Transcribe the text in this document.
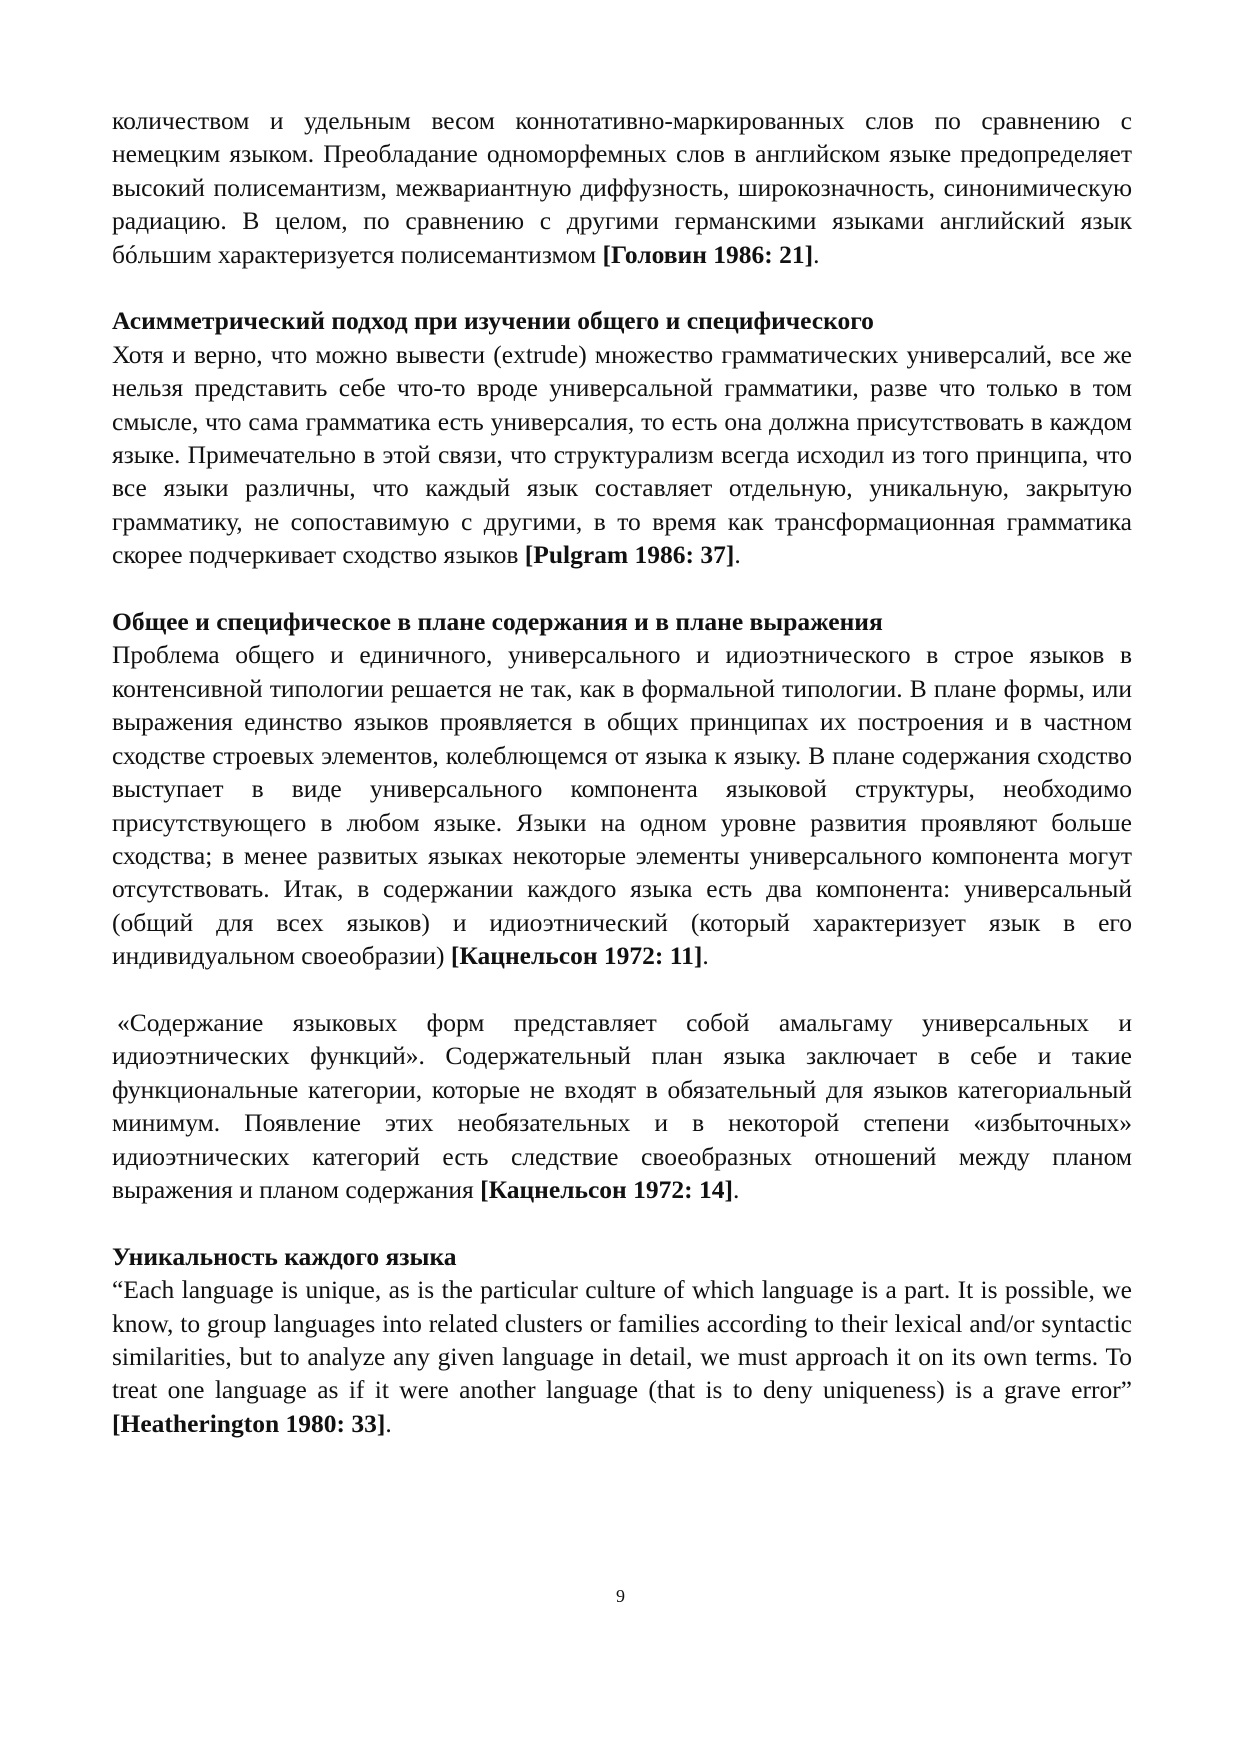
количеством и удельным весом коннотативно-маркированных слов по сравнению с немецким языком. Преобладание одноморфемных слов в английском языке предопределяет высокий полисемантизм, межвариантную диффузность, широкозначность, синонимическую радиацию. В целом, по сравнению с другими германскими языками английский язык бóльшим характеризуется полисемантизмом [Головин 1986: 21].

Асимметрический подход при изучении общего и специфического

Хотя и верно, что можно вывести (extrude) множество грамматических универсалий, все же нельзя представить себе что-то вроде универсальной грамматики, разве что только в том смысле, что сама грамматика есть универсалия, то есть она должна присутствовать в каждом языке. Примечательно в этой связи, что структурализм всегда исходил из того принципа, что все языки различны, что каждый язык составляет отдельную, уникальную, закрытую грамматику, не сопоставимую с другими, в то время как трансформационная грамматика скорее подчеркивает сходство языков [Pulgram 1986: 37].

Общее и специфическое в плане содержания и в плане выражения

Проблема общего и единичного, универсального и идиоэтнического в строе языков в контенсивной типологии решается не так, как в формальной типологии. В плане формы, или выражения единство языков проявляется в общих принципах их построения и в частном сходстве строевых элементов, колеблющемся от языка к языку. В плане содержания сходство выступает в виде универсального компонента языковой структуры, необходимо присутствующего в любом языке. Языки на одном уровне развития проявляют больше сходства; в менее развитых языках некоторые элементы универсального компонента могут отсутствовать. Итак, в содержании каждого языка есть два компонента: универсальный (общий для всех языков) и идиоэтнический (который характеризует язык в его индивидуальном своеобразии) [Кацнельсон 1972: 11].

«Содержание языковых форм представляет собой амальгаму универсальных и идиоэтнических функций». Содержательный план языка заключает в себе и такие функциональные категории, которые не входят в обязательный для языков категориальный минимум. Появление этих необязательных и в некоторой степени «избыточных» идиоэтнических категорий есть следствие своеобразных отношений между планом выражения и планом содержания [Кацнельсон 1972: 14].

Уникальность каждого языка

“Each language is unique, as is the particular culture of which language is a part. It is possible, we know, to group languages into related clusters or families according to their lexical and/or syntactic similarities, but to analyze any given language in detail, we must approach it on its own terms. To treat one language as if it were another language (that is to deny uniqueness) is a grave error” [Heatherington 1980: 33].

9
